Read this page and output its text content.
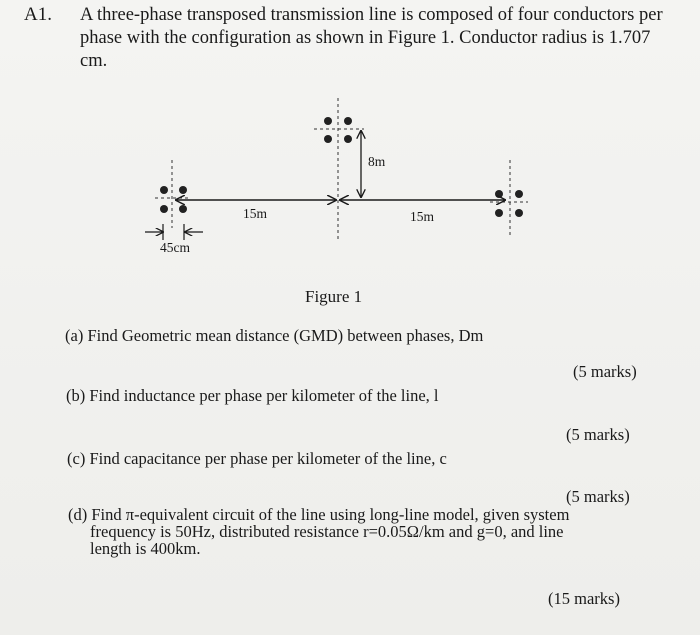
A1. A three-phase transposed transmission line is composed of four conductors per
phase with the configuration as shown in Figure 1. Conductor radius is 1.707
cm.
15m	15m
8m
45cm
Figure 1
(a) Find Geometric mean distance (GMD) between phases, Dm
(5 marks)
(b) Find inductance per phase per kilometer of the line, l
(5 marks)
(c) Find capacitance per phase per kilometer of the line, c
(5 marks)
(d) Find π-equivalent circuit of the line using long-line model, given system
frequency is 50Hz, distributed resistance r=0.05Ω/km and g=0, and line
length is 400km.
(15 marks)
